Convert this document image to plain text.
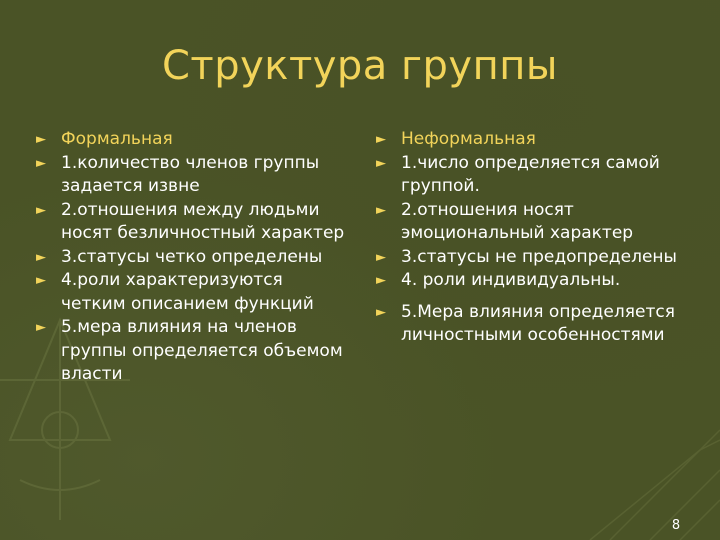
Структура группы
► Формальная
► 1.количество членов группы задается извне
► 2.отношения между людьми носят безличностный характер
► 3.статусы четко определены
► 4.роли характеризуются четким описанием функций
► 5.мера влияния на членов группы определяется объемом власти
► Неформальная
► 1.число определяется самой группой.
► 2.отношения носят эмоциональный характер
► 3.статусы не предопределены
► 4. роли индивидуальны.
► 5.Мера влияния определяется личностными особенностями
8
